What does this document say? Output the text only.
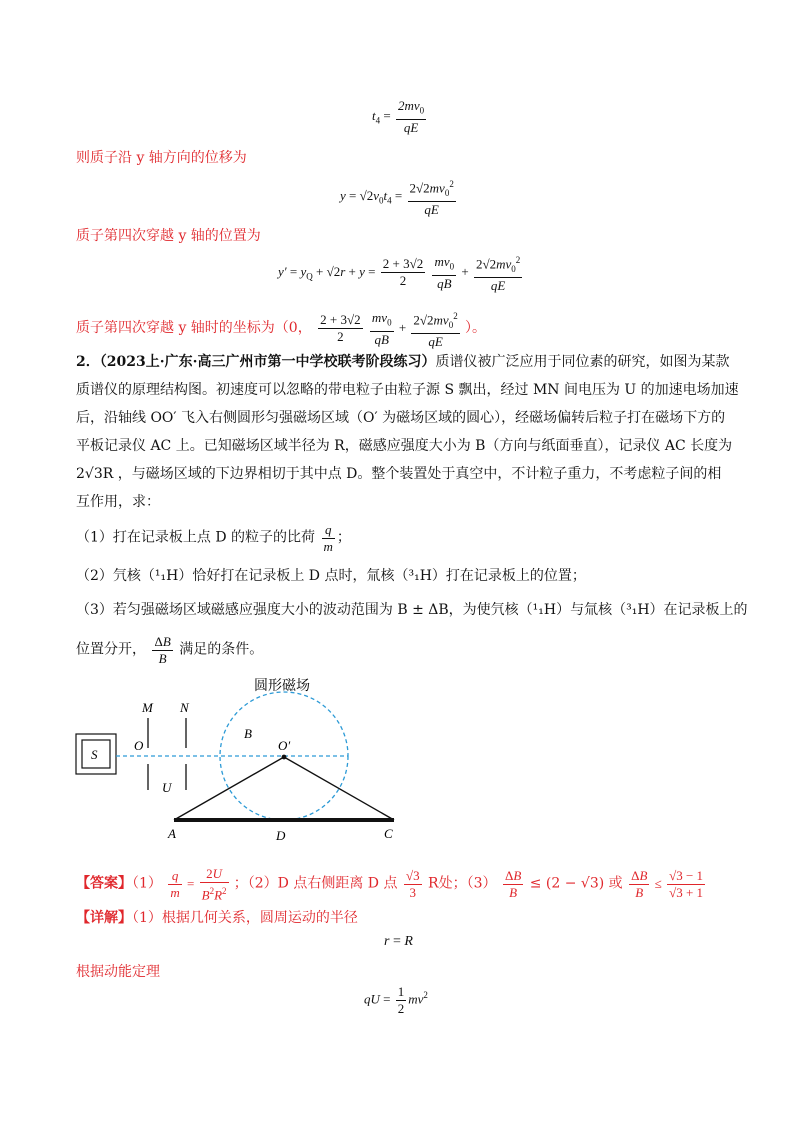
$t_4 = \frac{2mv_0}{qE}$
则质子沿 y 轴方向的位移为
$y = √2v_0t_4 = \frac{2√2mv_0^2}{qE}$
质子第四次穿越 y 轴的位置为
$y' = y_Q + √2r + y = \frac{2 + 3√2}{2}$
$\frac{mv_0}{qB} + \frac{2√2mv_0^2}{qE}$
质子第四次穿越 y 轴时的坐标为（0， $\frac{2 + 3√2}{2}$
$\frac{mv_0}{qB} + \frac{2√2mv_0^2}{qE}$ ）。
2．（2023上·广东·高三广州市第一中学校联考阶段练习）质谱仪被广泛应用于同位素的研究，如图为某款
质谱仪的原理结构图。初速度可以忽略的带电粒子由粒子源 S 飘出，经过 MN 间电压为 U 的加速电场加速
后，沿轴线 OO′ 飞入右侧圆形匀强磁场区域（O′ 为磁场区域的圆心），经磁场偏转后粒子打在磁场下方的
平板记录仪 AC 上。已知磁场区域半径为 R，磁感应强度大小为 B（方向与纸面垂直），记录仪 AC 长度为
2√3R ，与磁场区域的下边界相切于其中点 D。整个装置处于真空中，不计粒子重力，不考虑粒子间的相
互作用，求：
（1）打在记录板上点 D 的粒子的比荷 $\frac{q}{m}$ ；
（2）氕核（¹₁H）恰好打在记录板上 D 点时，氚核（³₁H）打在记录板上的位置；
（3）若匀强磁场区域磁感应强度大小的波动范围为 B ± ΔB，为使氕核（¹₁H）与氚核（³₁H）在记录板上的
位置分开， $\frac{\Delta B}{B}$ 满足的条件。
圆形磁场
S
M N
O
U
B
O′
A	D	C
【答案】$(1) \frac{q}{m} = \frac{2U}{B^2R^2}$ ；（2）D 点右侧距离 D 点 $\frac{√3}{3}$ R处；$(3) \frac{\Delta B}{B} \le (2 - √3)$ 或 $\frac{\Delta B}{B} \le \frac{√3 - 1}{√3 + 1}$
【详解】（1）根据几何关系，圆周运动的半径
r = R
根据动能定理
qU = $\frac{1}{2} mv^2$
